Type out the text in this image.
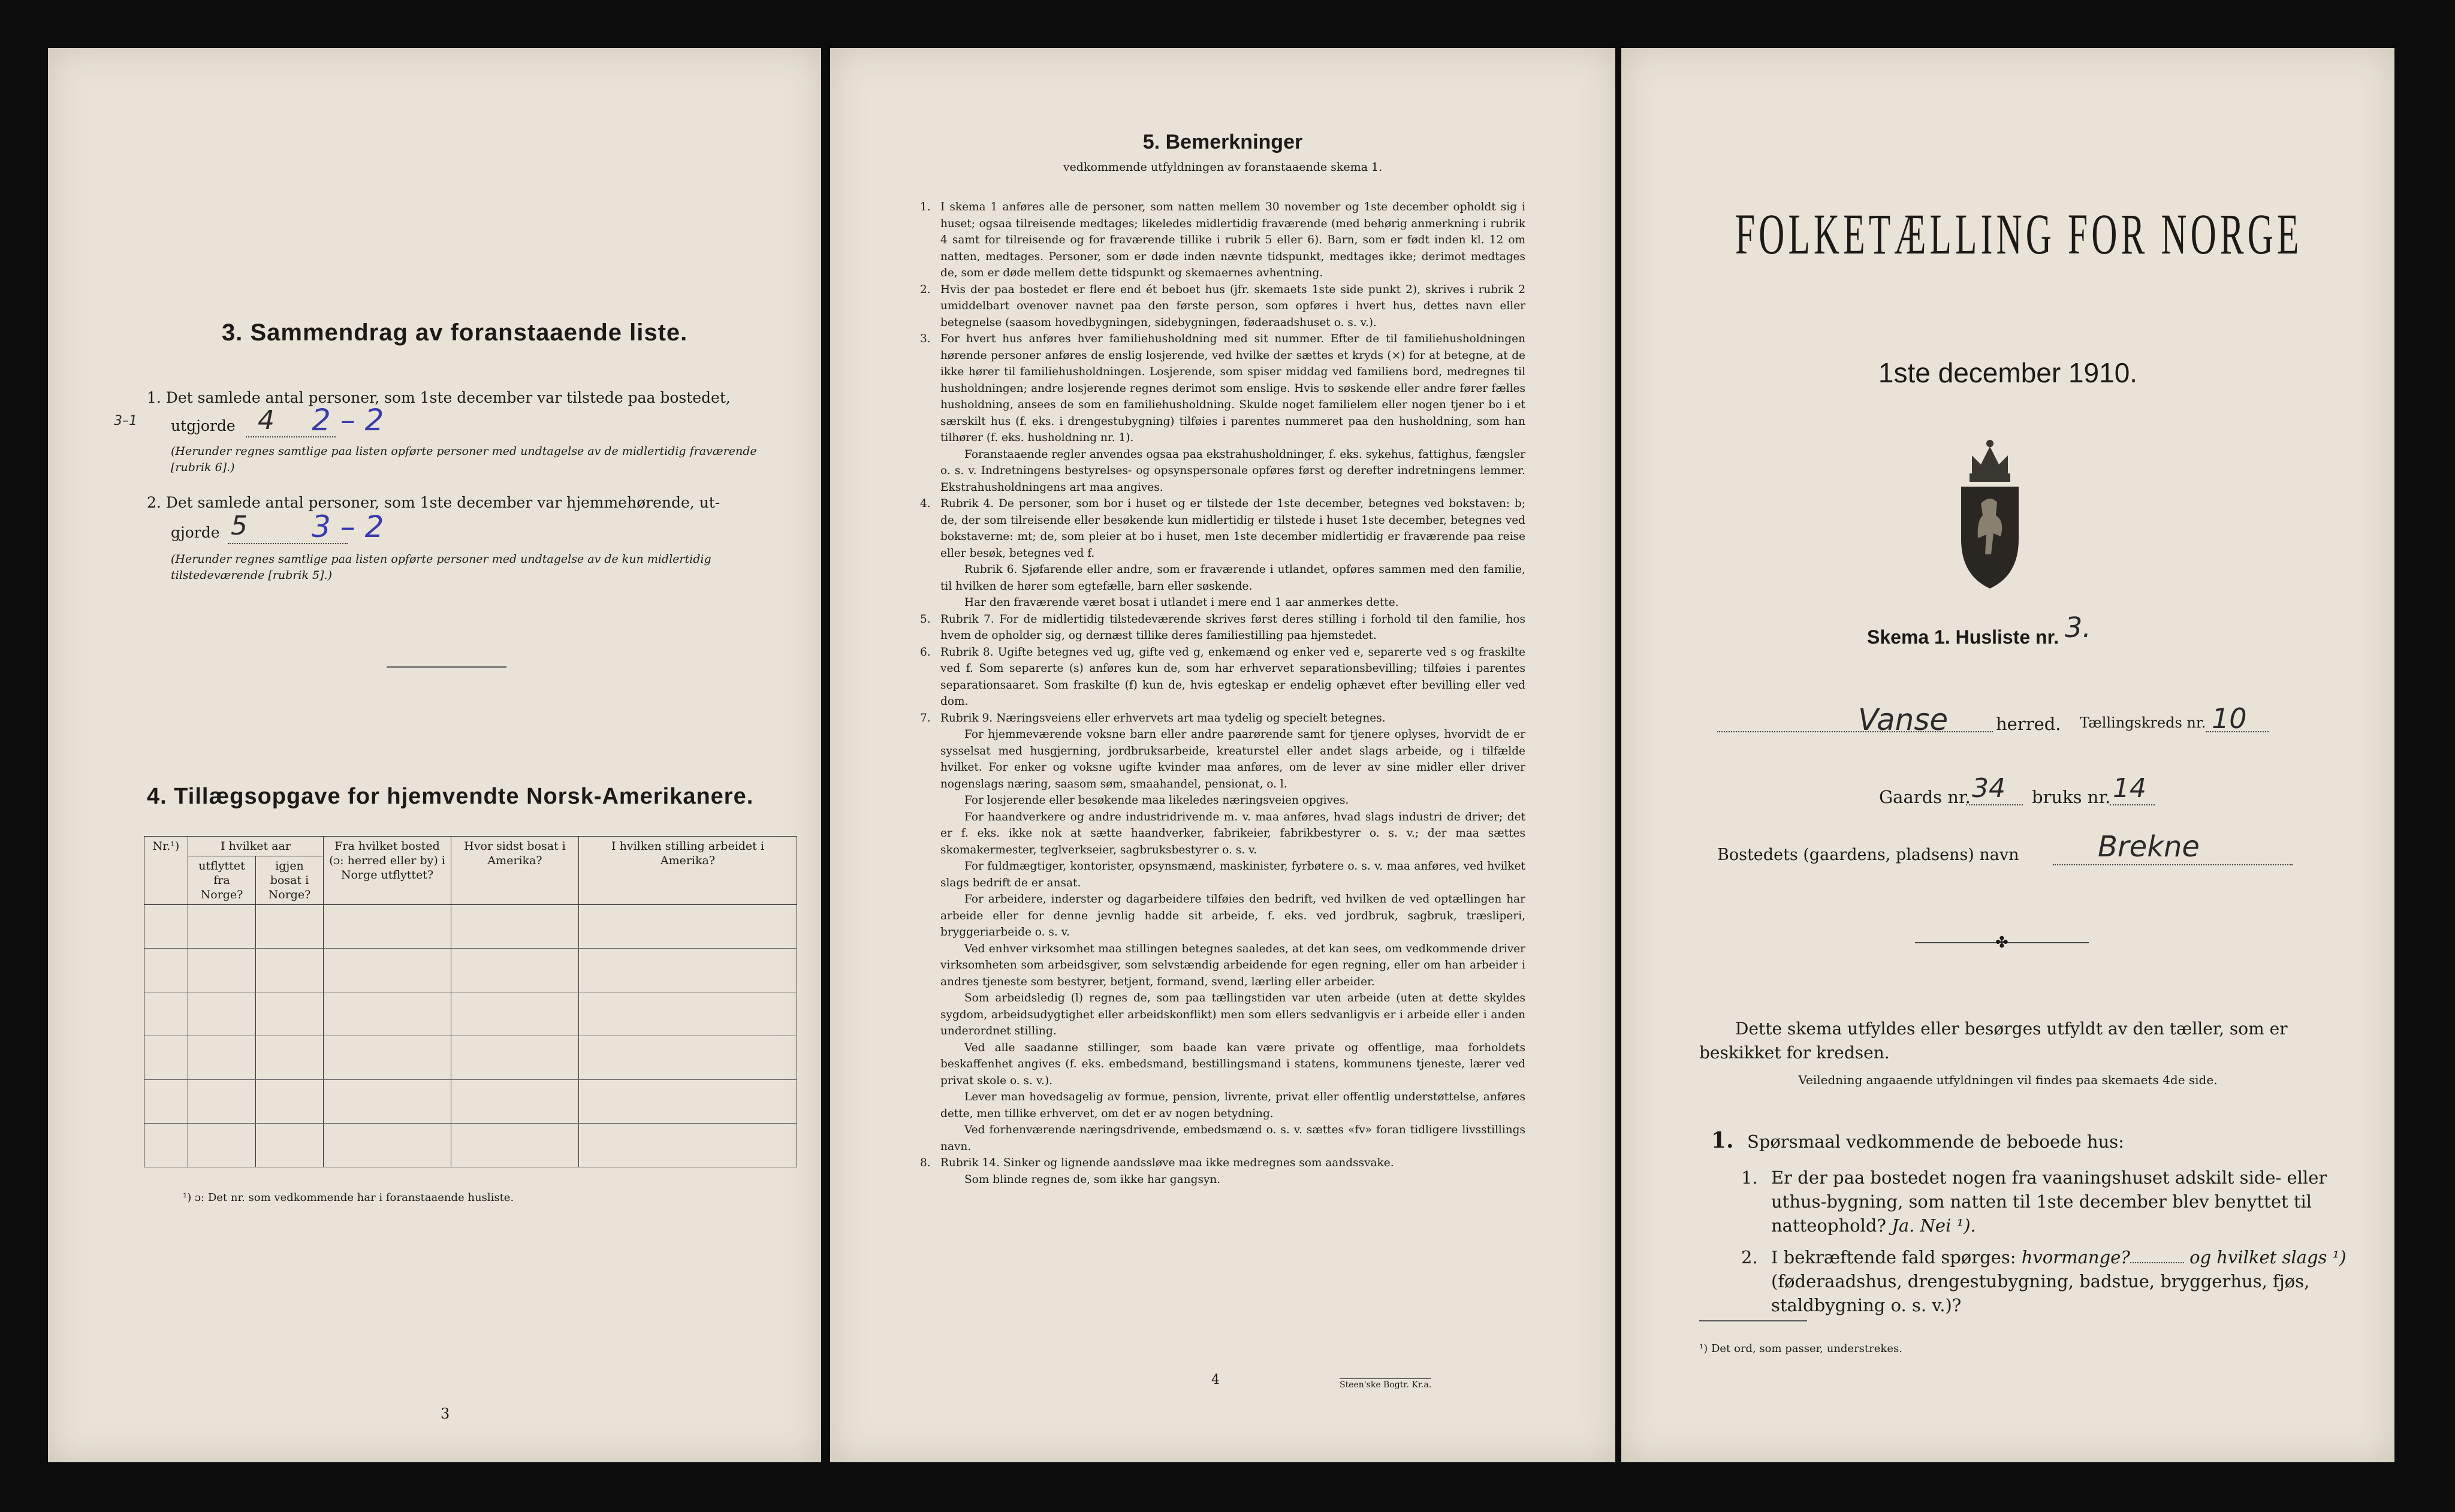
3. Sammendrag av foranstaaende liste.
1. Det samlede antal personer, som 1ste december var tilstede paa bostedet,
3–1 utgjorde 4 2 – 2
(Herunder regnes samtlige paa listen opførte personer med undtagelse av de midlertidig fraværende [rubrik 6].)
2. Det samlede antal personer, som 1ste december var hjemmehørende, ut-
gjorde 5 3 – 2
(Herunder regnes samtlige paa listen opførte personer med undtagelse av de kun midlertidig tilstedeværende [rubrik 5].)
4. Tillægsopgave for hjemvendte Norsk-Amerikanere.
Nr.¹)	I hvilket aar		Fra hvilket bosted (ɔ: herred eller by) i Norge utflyttet?	Hvor sidst bosat i Amerika?	I hvilken stilling arbeidet i Amerika?
	utflyttet fra Norge?	igjen bosat i Norge?			

¹) ɔ: Det nr. som vedkommende har i foranstaaende husliste.
3
5. Bemerkninger
vedkommende utfyldningen av foranstaaende skema 1.

1. I skema 1 anføres alle de personer, som natten mellem 30 november og 1ste december opholdt sig i huset; ogsaa tilreisende medtages; likeledes midlertidig fraværende (med behørig anmerkning i rubrik 4 samt for tilreisende og for fraværende tillike i rubrik 5 eller 6). Barn, som er født inden kl. 12 om natten, medtages. Personer, som er døde inden nævnte tidspunkt, medtages ikke; derimot medtages de, som er døde mellem dette tidspunkt og skemaernes avhentning.

2. Hvis der paa bostedet er flere end ét beboet hus (jfr. skemaets 1ste side punkt 2), skrives i rubrik 2 umiddelbart ovenover navnet paa den første person, som opføres i hvert hus, dettes navn eller betegnelse (saasom hovedbygningen, sidebygningen, føderaadshuset o. s. v.).

3. For hvert hus anføres hver familiehusholdning med sit nummer. Efter de til familiehusholdningen hørende personer anføres de enslig losjerende, ved hvilke der sættes et kryds (×) for at betegne, at de ikke hører til familiehusholdningen. Losjerende, som spiser middag ved familiens bord, medregnes til husholdningen; andre losjerende regnes derimot som enslige. Hvis to søskende eller andre fører fælles husholdning, ansees de som en familiehusholdning. Skulde noget familielem eller nogen tjener bo i et særskilt hus (f. eks. i drengestubygning) tilføies i parentes nummeret paa den husholdning, som han tilhører (f. eks. husholdning nr. 1).

Foranstaaende regler anvendes ogsaa paa ekstrahusholdninger, f. eks. sykehus, fattighus, fængsler o. s. v. Indretningens bestyrelses- og opsynspersonale opføres først og derefter indretningens lemmer. Ekstrahusholdningens art maa angives.

4. Rubrik 4. De personer, som bor i huset og er tilstede der 1ste december, betegnes ved bokstaven: b; de, der som tilreisende eller besøkende kun midlertidig er tilstede i huset 1ste december, betegnes ved bokstaverne: mt; de, som pleier at bo i huset, men 1ste december midlertidig er fraværende paa reise eller besøk, betegnes ved f.

Rubrik 6. Sjøfarende eller andre, som er fraværende i utlandet, opføres sammen med den familie, til hvilken de hører som egtefælle, barn eller søskende.

Har den fraværende været bosat i utlandet i mere end 1 aar anmerkes dette.

5. Rubrik 7. For de midlertidig tilstedeværende skrives først deres stilling i forhold til den familie, hos hvem de opholder sig, og dernæst tillike deres familiestilling paa hjemstedet.

6. Rubrik 8. Ugifte betegnes ved ug, gifte ved g, enkemænd og enker ved e, separerte ved s og fraskilte ved f. Som separerte (s) anføres kun de, som har erhvervet separationsbevilling; tilføies i parentes separationsaaret. Som fraskilte (f) kun de, hvis egteskap er endelig ophævet efter bevilling eller ved dom.

7. Rubrik 9. Næringsveiens eller erhvervets art maa tydelig og specielt betegnes.

For hjemmeværende voksne barn eller andre paarørende samt for tjenere oplyses, hvorvidt de er sysselsat med husgjerning, jordbruksarbeide, kreaturstel eller andet slags arbeide, og i tilfælde hvilket. For enker og voksne ugifte kvinder maa anføres, om de lever av sine midler eller driver nogenslags næring, saasom søm, smaahandel, pensionat, o. l.

For losjerende eller besøkende maa likeledes næringsveien opgives.

For haandverkere og andre industridrivende m. v. maa anføres, hvad slags industri de driver; det er f. eks. ikke nok at sætte haandverker, fabrikeier, fabrikbestyrer o. s. v.; der maa sættes skomakermester, teglverkseier, sagbruksbestyrer o. s. v.

For fuldmægtiger, kontorister, opsynsmænd, maskinister, fyrbøtere o. s. v. maa anføres, ved hvilket slags bedrift de er ansat.

For arbeidere, inderster og dagarbeidere tilføies den bedrift, ved hvilken de ved optællingen har arbeide eller for denne jevnlig hadde sit arbeide, f. eks. ved jordbruk, sagbruk, træsliperi, bryggeriarbeide o. s. v.

Ved enhver virksomhet maa stillingen betegnes saaledes, at det kan sees, om vedkommende driver virksomheten som arbeidsgiver, som selvstændig arbeidende for egen regning, eller om han arbeider i andres tjeneste som bestyrer, betjent, formand, svend, lærling eller arbeider.

Som arbeidsledig (l) regnes de, som paa tællingstiden var uten arbeide (uten at dette skyldes sygdom, arbeidsudygtighet eller arbeidskonflikt) men som ellers sedvanligvis er i arbeide eller i anden underordnet stilling.

Ved alle saadanne stillinger, som baade kan være private og offentlige, maa forholdets beskaffenhet angives (f. eks. embedsmand, bestillingsmand i statens, kommunens tjeneste, lærer ved privat skole o. s. v.).

Lever man hovedsagelig av formue, pension, livrente, privat eller offentlig understøttelse, anføres dette, men tillike erhvervet, om det er av nogen betydning.

Ved forhenværende næringsdrivende, embedsmænd o. s. v. sættes «fv» foran tidligere livsstillings navn.

8. Rubrik 14. Sinker og lignende aandssløve maa ikke medregnes som aandssvake.

Som blinde regnes de, som ikke har gangsyn.

4	Steen'ske Bogtr. Kr.a.
FOLKETÆLLING FOR NORGE
1ste december 1910.
Skema 1. Husliste nr. 3.
Vanse	herred. Tællingskreds nr. 10
Gaards nr. 34 bruks nr. 14
Bostedets (gaardens, pladsens) navn	Brekne
✤
Dette skema utfyldes eller besørges utfyldt av den tæller, som er beskikket for kredsen.
Veiledning angaaende utfyldningen vil findes paa skemaets 4de side.
1. Spørsmaal vedkommende de beboede hus:
1. Er der paa bostedet nogen fra vaaningshuset adskilt side- eller uthus-bygning, som natten til 1ste december blev benyttet til natteophold? Ja. Nei ¹).
2. I bekræftende fald spørges: hvormange?	og hvilket slags ¹)
(føderaadshus, drengestubygning, badstue, bryggerhus, fjøs, staldbygning o. s. v.)?
¹) Det ord, som passer, understrekes.
